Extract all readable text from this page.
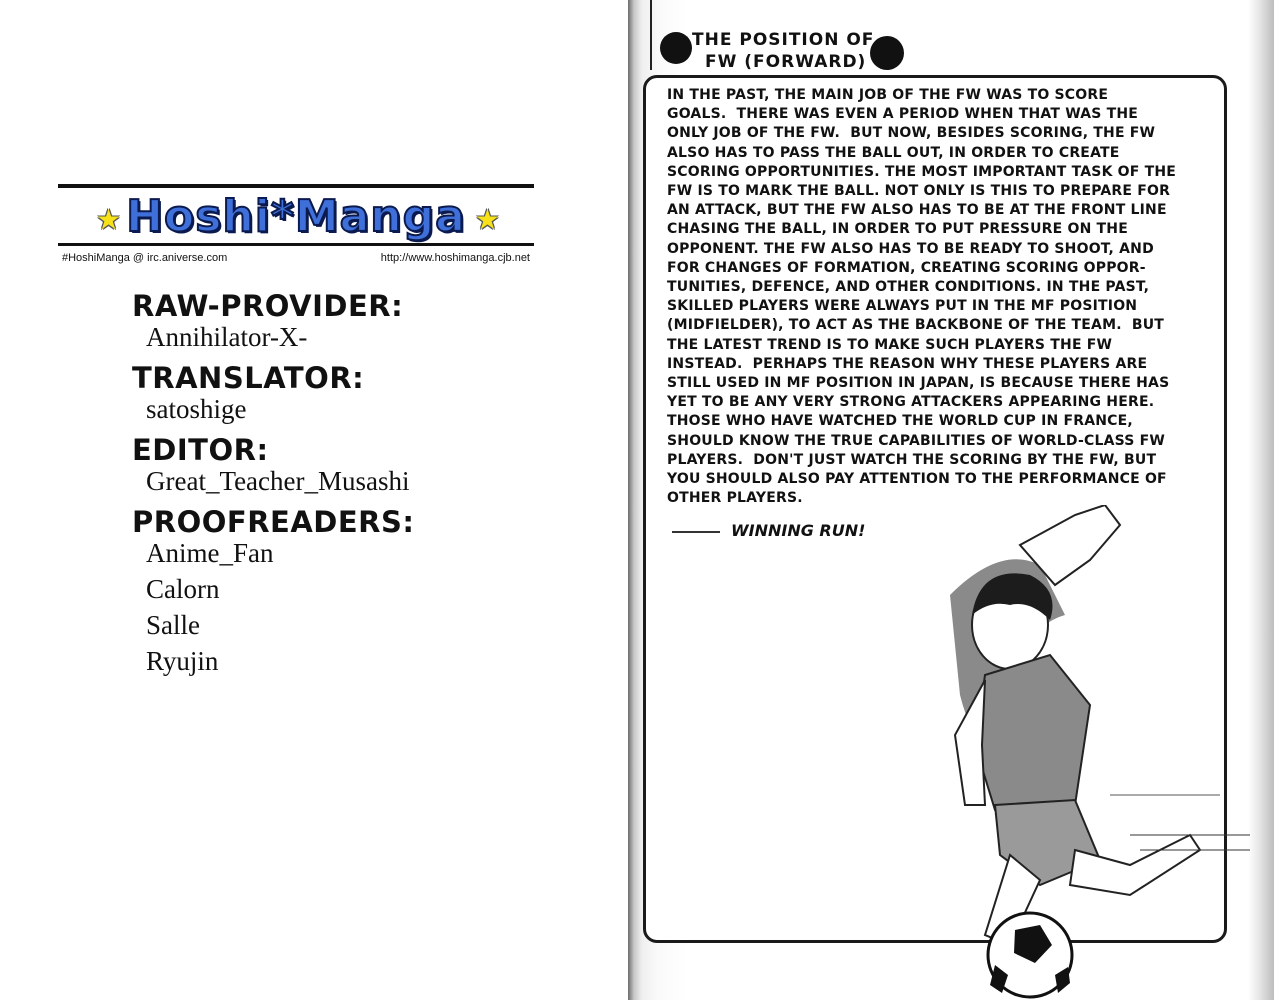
★ Hoshi*Manga ★
#HoshiManga @ irc.aniverse.com	http://www.hoshimanga.cjb.net
RAW-PROVIDER:
Annihilator-X-
TRANSLATOR:
satoshige
EDITOR:
Great_Teacher_Musashi
PROOFREADERS:
Anime_Fan
Calorn
Salle
Ryujin
THE POSITION OF
FW (FORWARD)
IN THE PAST, THE MAIN JOB OF THE FW WAS TO SCORE
GOALS.  THERE WAS EVEN A PERIOD WHEN THAT WAS THE
ONLY JOB OF THE FW.  BUT NOW, BESIDES SCORING, THE FW
ALSO HAS TO PASS THE BALL OUT, IN ORDER TO CREATE
SCORING OPPORTUNITIES. THE MOST IMPORTANT TASK OF THE
FW IS TO MARK THE BALL. NOT ONLY IS THIS TO PREPARE FOR
AN ATTACK, BUT THE FW ALSO HAS TO BE AT THE FRONT LINE
CHASING THE BALL, IN ORDER TO PUT PRESSURE ON THE
OPPONENT. THE FW ALSO HAS TO BE READY TO SHOOT, AND
FOR CHANGES OF FORMATION, CREATING SCORING OPPOR-
TUNITIES, DEFENCE, AND OTHER CONDITIONS. IN THE PAST,
SKILLED PLAYERS WERE ALWAYS PUT IN THE MF POSITION
(MIDFIELDER), TO ACT AS THE BACKBONE OF THE TEAM.  BUT
THE LATEST TREND IS TO MAKE SUCH PLAYERS THE FW
INSTEAD.  PERHAPS THE REASON WHY THESE PLAYERS ARE
STILL USED IN MF POSITION IN JAPAN, IS BECAUSE THERE HAS
YET TO BE ANY VERY STRONG ATTACKERS APPEARING HERE.
THOSE WHO HAVE WATCHED THE WORLD CUP IN FRANCE,
SHOULD KNOW THE TRUE CAPABILITIES OF WORLD-CLASS FW
PLAYERS.  DON'T JUST WATCH THE SCORING BY THE FW, BUT
YOU SHOULD ALSO PAY ATTENTION TO THE PERFORMANCE OF
OTHER PLAYERS.
WINNING RUN!
